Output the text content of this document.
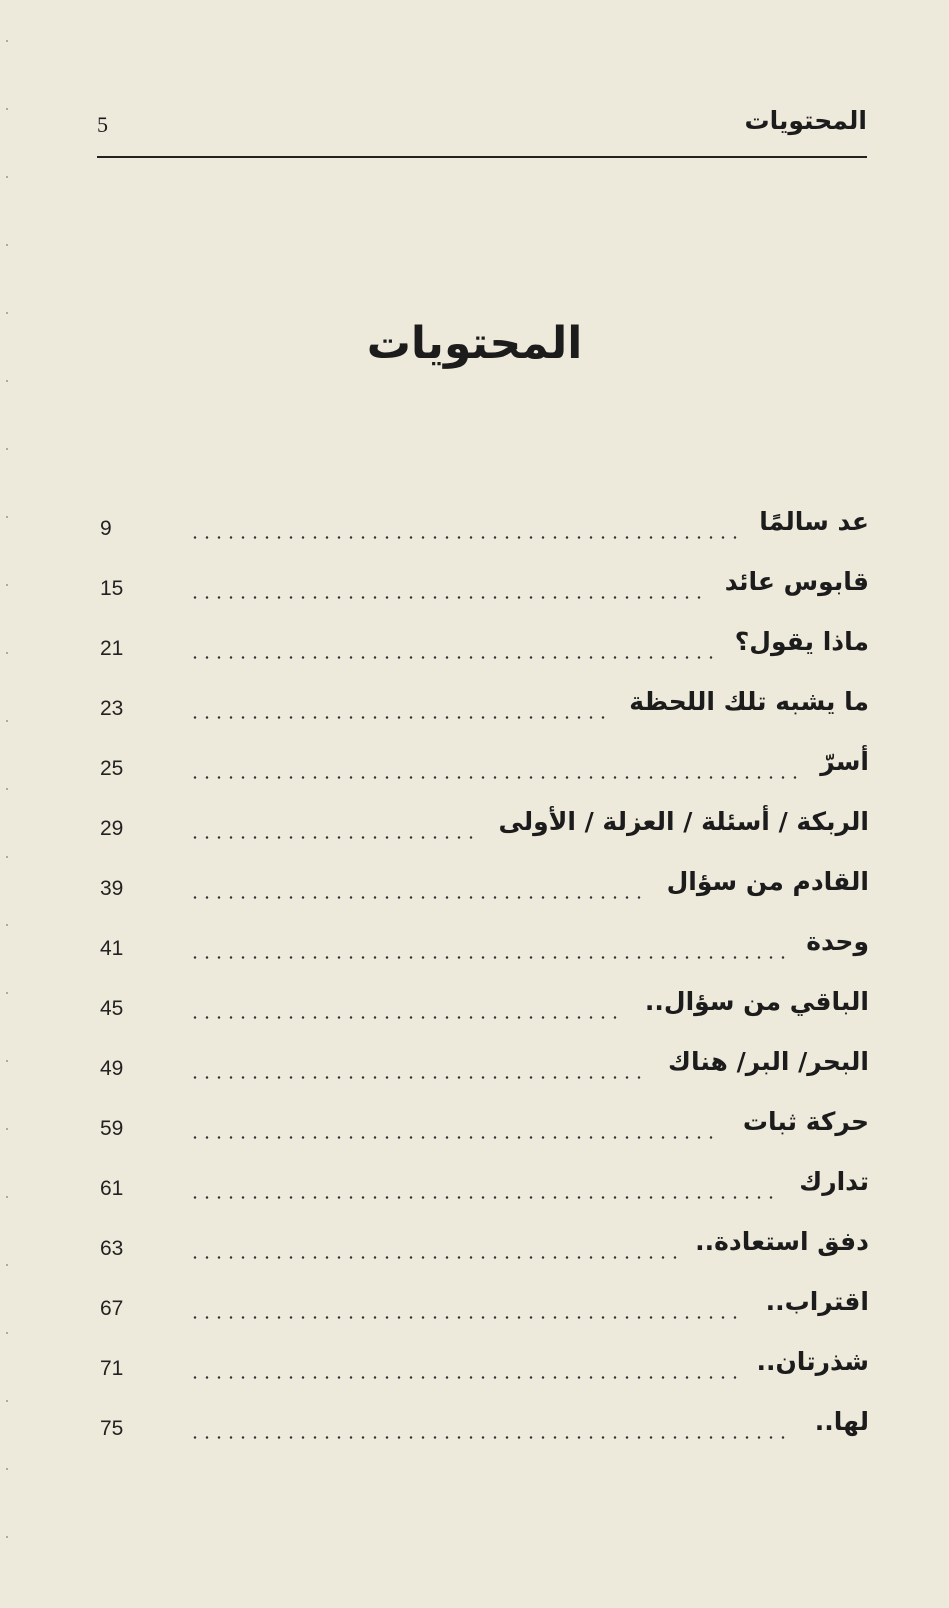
5	المحتويات
المحتويات
9	عد سالمًا
15	قابوس عائد
21	ماذا يقول؟
23	ما يشبه تلك اللحظة
25	أسرّ
29	الربكة / أسئلة / العزلة / الأولى
39	القادم من سؤال
41	وحدة
45	الباقي من سؤال..
49	البحر/ البر/ هناك
59	حركة ثبات
61	تدارك
63	دفق استعادة..
67	اقتراب..
71	شذرتان..
75	لها..
